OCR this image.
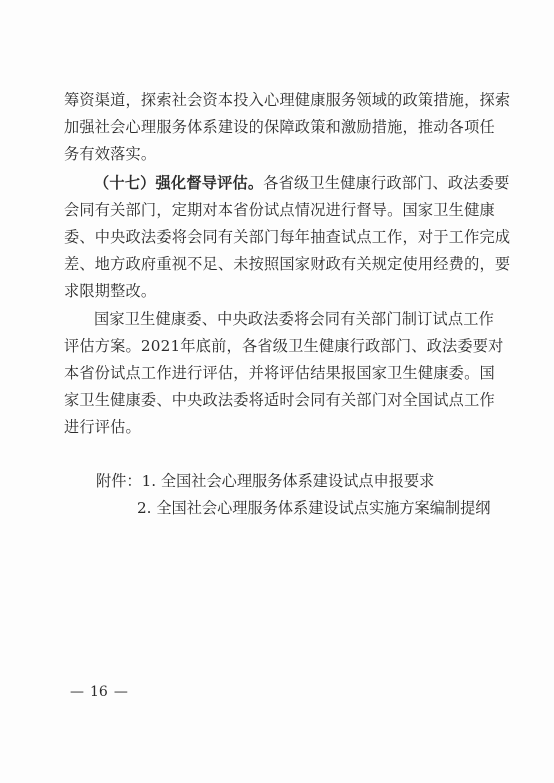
筹资渠道，探索社会资本投入心理健康服务领域的政策措施，探索
加强社会心理服务体系建设的保障政策和激励措施，推动各项任
务有效落实。
（十七）强化督导评估。各省级卫生健康行政部门、政法委要
会同有关部门，定期对本省份试点情况进行督导。国家卫生健康
委、中央政法委将会同有关部门每年抽查试点工作，对于工作完成
差、地方政府重视不足、未按照国家财政有关规定使用经费的，要
求限期整改。
国家卫生健康委、中央政法委将会同有关部门制订试点工作
评估方案。2021年底前，各省级卫生健康行政部门、政法委要对
本省份试点工作进行评估，并将评估结果报国家卫生健康委。国
家卫生健康委、中央政法委将适时会同有关部门对全国试点工作
进行评估。
附件：1. 全国社会心理服务体系建设试点申报要求
2. 全国社会心理服务体系建设试点实施方案编制提纲
— 16 —
